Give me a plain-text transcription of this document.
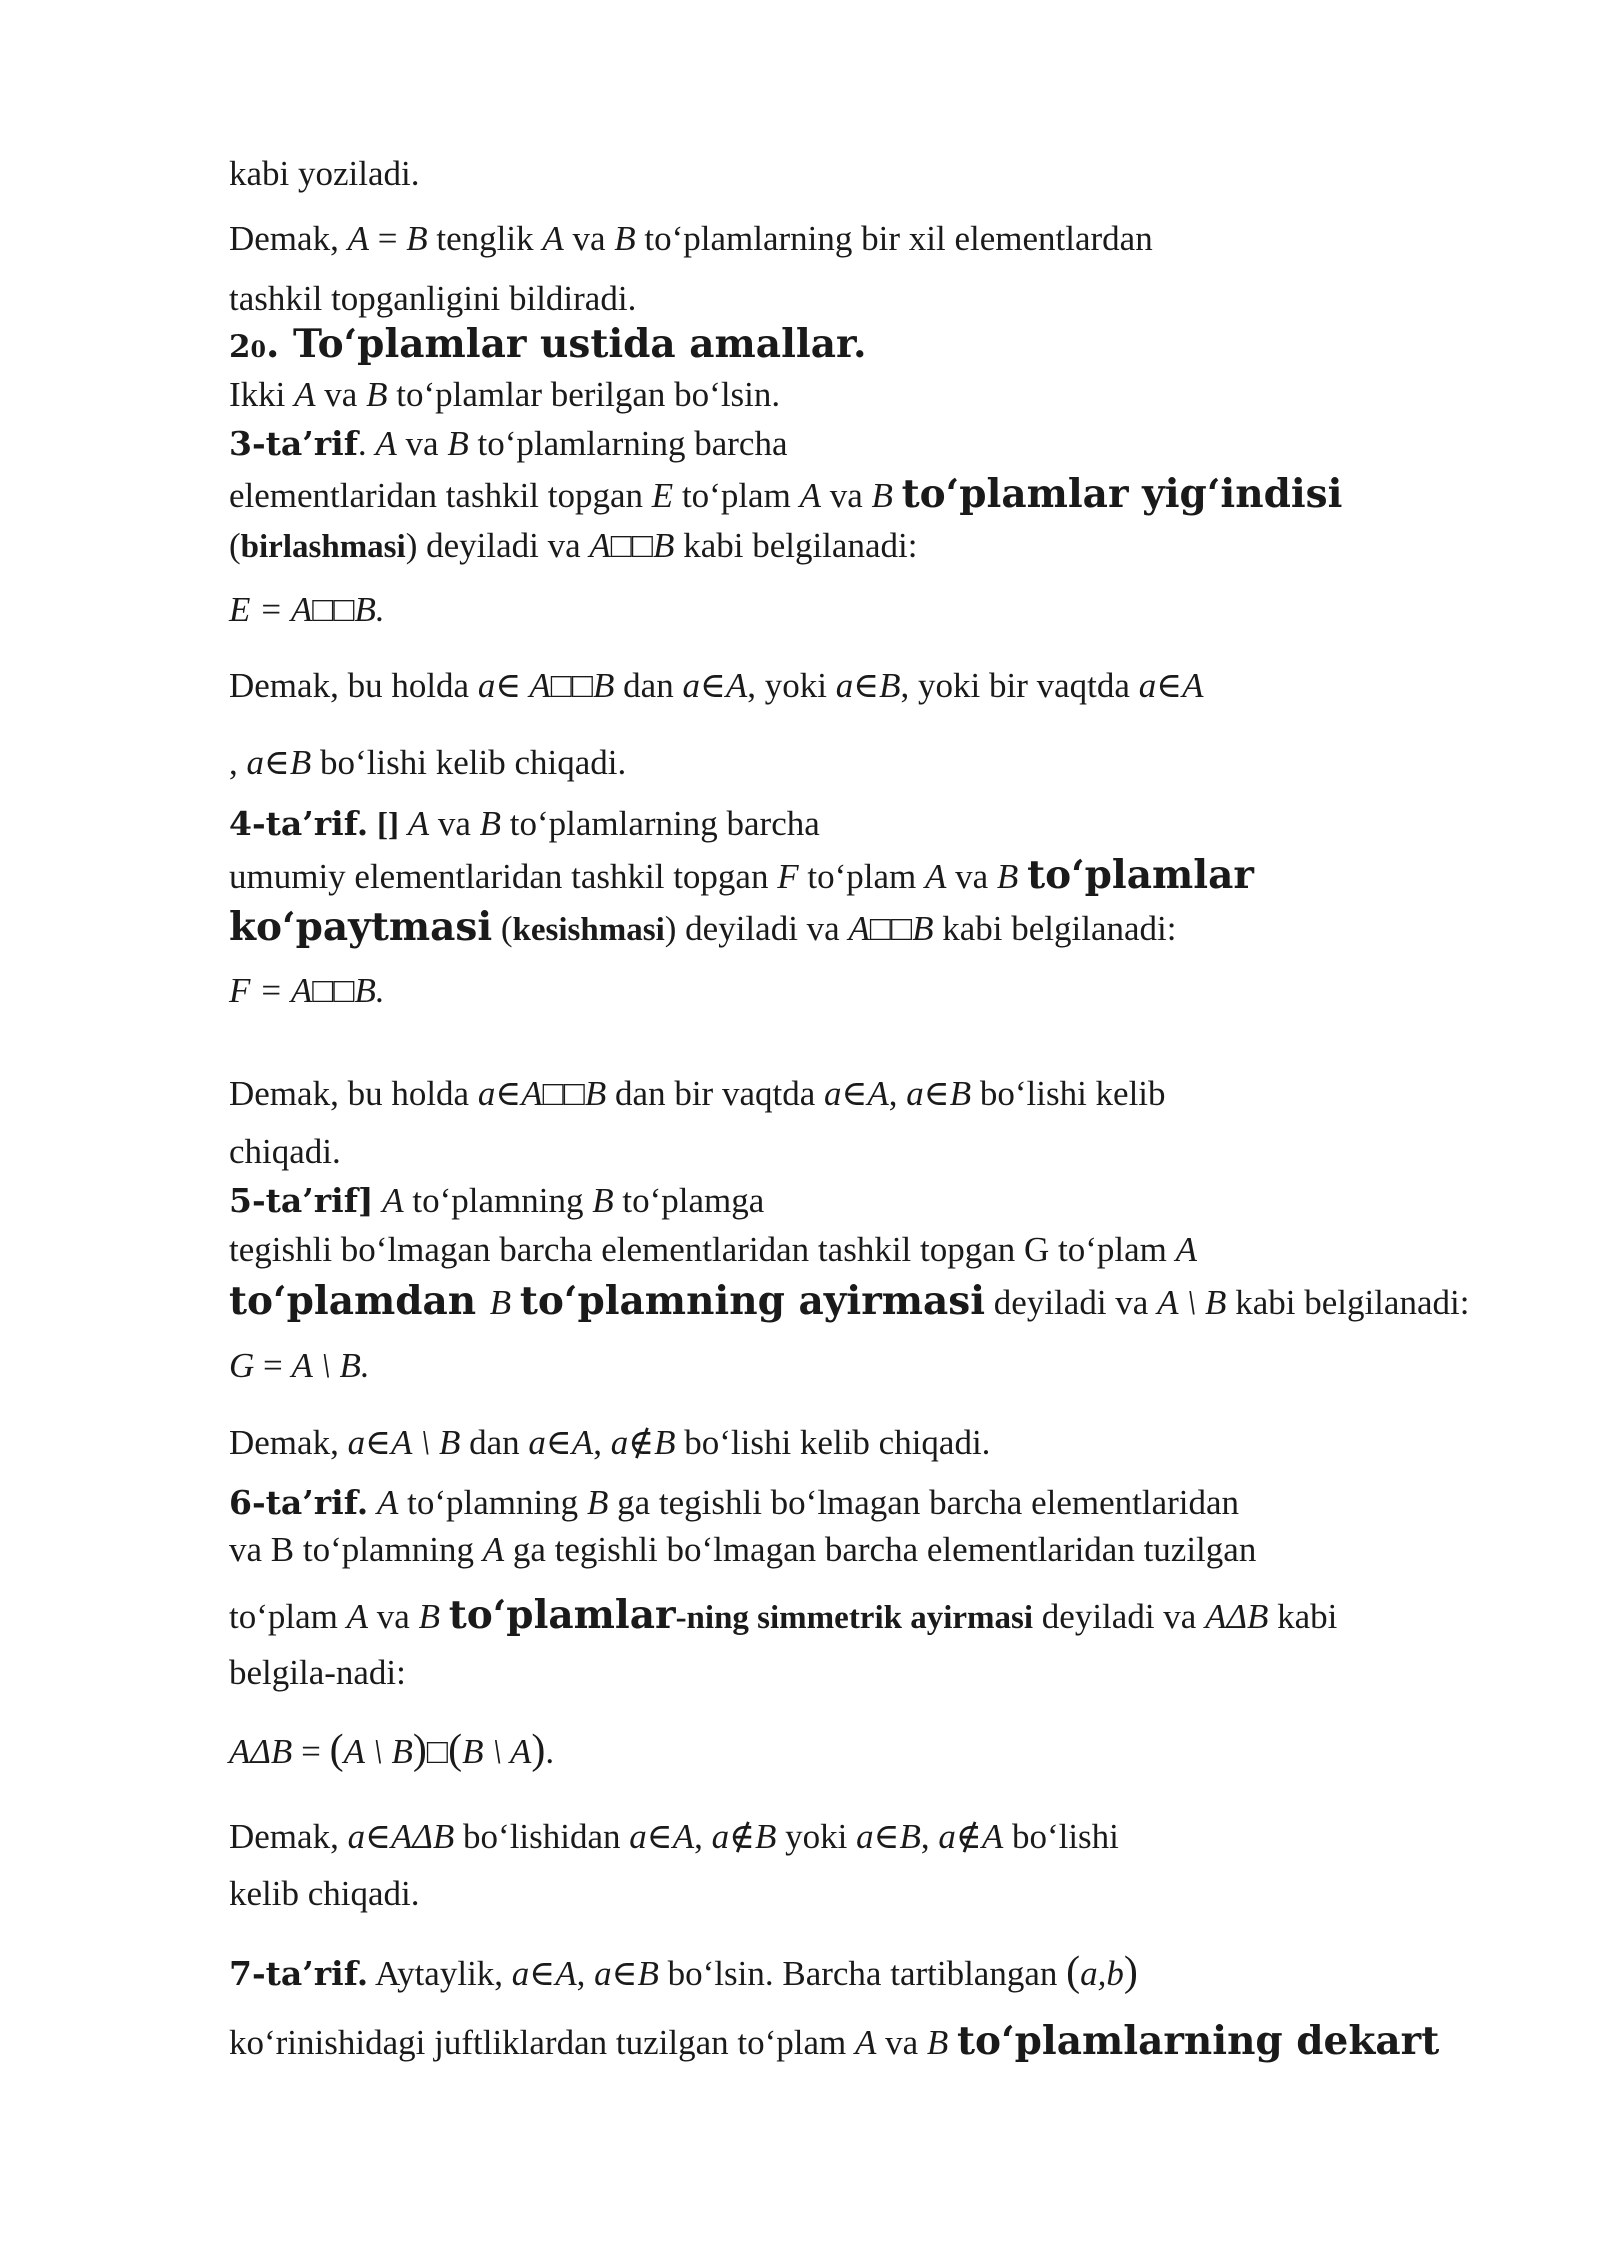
kabi yoziladi.
Demak, A = B tenglik A va B to‘plamlarning bir xil elementlardan
tashkil topganligini bildiradi.
20. To‘plamlar ustida amallar.
Ikki A va B to‘plamlar berilgan bo‘lsin.
3-ta’rif. A va B to‘plamlarning barcha
elementlaridan tashkil topgan E to‘plam A va B to‘plamlar yig‘indisi
(birlashmasi) deyiladi va A□□B kabi belgilanadi:
E = A□□B.
Demak, bu holda a∈ A□□B dan a∈A, yoki a∈B, yoki bir vaqtda a∈A
, a∈B bo‘lishi kelib chiqadi.
4-ta’rif. [] A va B to‘plamlarning barcha
umumiy elementlaridan tashkil topgan F to‘plam A va B to‘plamlar
ko‘paytmasi (kesishmasi) deyiladi va A□□B kabi belgilanadi:
F = A□□B.
Demak, bu holda a∈A□□B dan bir vaqtda a∈A, a∈B bo‘lishi kelib
chiqadi.
5-ta’rif] A to‘plamning B to‘plamga
tegishli bo‘lmagan barcha elementlaridan tashkil topgan G to‘plam A
to‘plamdan B to‘plamning ayirmasi deyiladi va A \ B kabi belgilanadi:
G = A \ B.
Demak, a∈A \ B dan a∈A, a∉B bo‘lishi kelib chiqadi.
6-ta’rif. A to‘plamning B ga tegishli bo‘lmagan barcha elementlaridan
va B to‘plamning A ga tegishli bo‘lmagan barcha elementlaridan tuzilgan
to‘plam A va B to‘plamlar-ning simmetrik ayirmasi deyiladi va AΔB kabi
belgila-nadi:
AΔB = (A \ B)□(B \ A).
Demak, a∈AΔB bo‘lishidan a∈A, a∉B yoki a∈B, a∉A bo‘lishi
kelib chiqadi.
7-ta’rif. Aytaylik, a∈A, a∈B bo‘lsin. Barcha tartiblangan (a,b)
ko‘rinishidagi juftliklardan tuzilgan to‘plam A va B to‘plamlarning dekart
